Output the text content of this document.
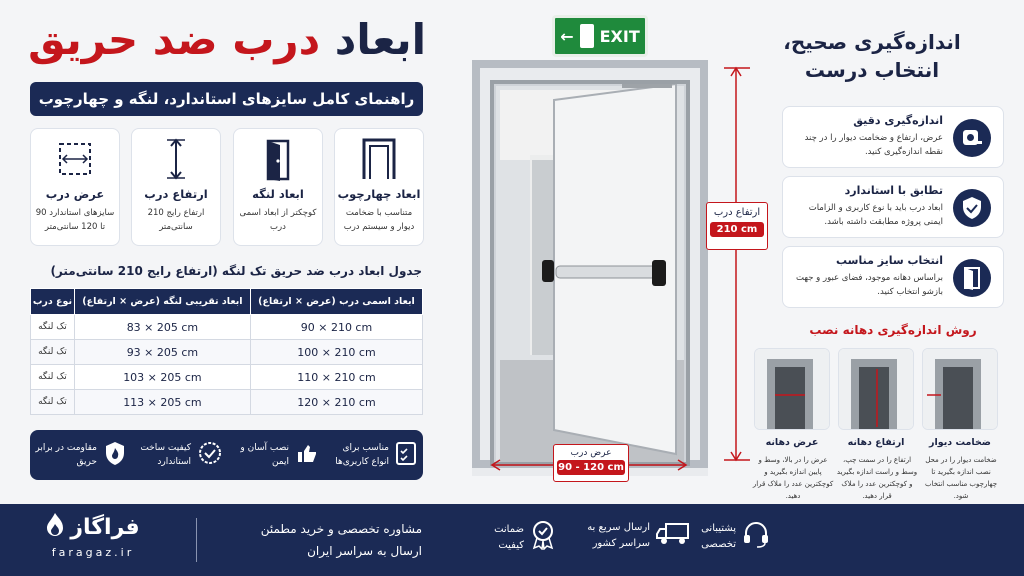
ابعاد درب ضد حریق
راهنمای کامل سایزهای استاندارد، لنگه و چهارچوب
ابعاد چهارچوب
متناسب با ضخامت دیوار و سیستم درب
ابعاد لنگه
کوچکتر از ابعاد اسمی درب
ارتفاع درب
ارتفاع رایج 210 سانتی‌متر
عرض درب
سایزهای استاندارد 90 تا 120 سانتی‌متر
جدول ابعاد درب ضد حریق تک لنگه (ارتفاع رایج 210 سانتی‌متر)
ابعاد اسمی درب (عرض × ارتفاع)	ابعاد تقریبی لنگه (عرض × ارتفاع)	نوع درب
90 × 210 cm	83 × 205 cm	تک لنگه
100 × 210 cm	93 × 205 cm	تک لنگه
110 × 210 cm	103 × 205 cm	تک لنگه
120 × 210 cm	113 × 205 cm	تک لنگه
مناسب برای انواع کاربری‌ها
نصب آسان و ایمن
کیفیت ساخت استاندارد
مقاومت در برابر حریق
← EXIT
ارتفاع درب
210 cm
عرض درب
90 - 120 cm
اندازه‌گیری صحیح، انتخاب درست
اندازه‌گیری دقیق
عرض، ارتفاع و ضخامت دیوار را در چند نقطه اندازه‌گیری کنید.
تطابق با استاندارد
ابعاد درب باید با نوع کاربری و الزامات ایمنی پروژه مطابقت داشته باشد.
انتخاب سایز مناسب
براساس دهانه موجود، فضای عبور و جهت بازشو انتخاب کنید.
روش اندازه‌گیری دهانه نصب
ضخامت دیوار
ارتفاع دهانه
عرض دهانه
ضخامت دیوار را در محل نصب اندازه بگیرید تا چهارچوب مناسب انتخاب شود.
ارتفاع را در سمت چپ، وسط و راست اندازه بگیرید و کوچکترین عدد را ملاک قرار دهید.
عرض را در بالا، وسط و پایین اندازه بگیرید و کوچکترین عدد را ملاک قرار دهید.
فراگاز
faragaz.ir
مشاوره تخصصی و خرید مطمئن
ارسال به سراسر ایران
ضمانت کیفیت
ارسال سریع به سراسر کشور
پشتیبانی تخصصی
